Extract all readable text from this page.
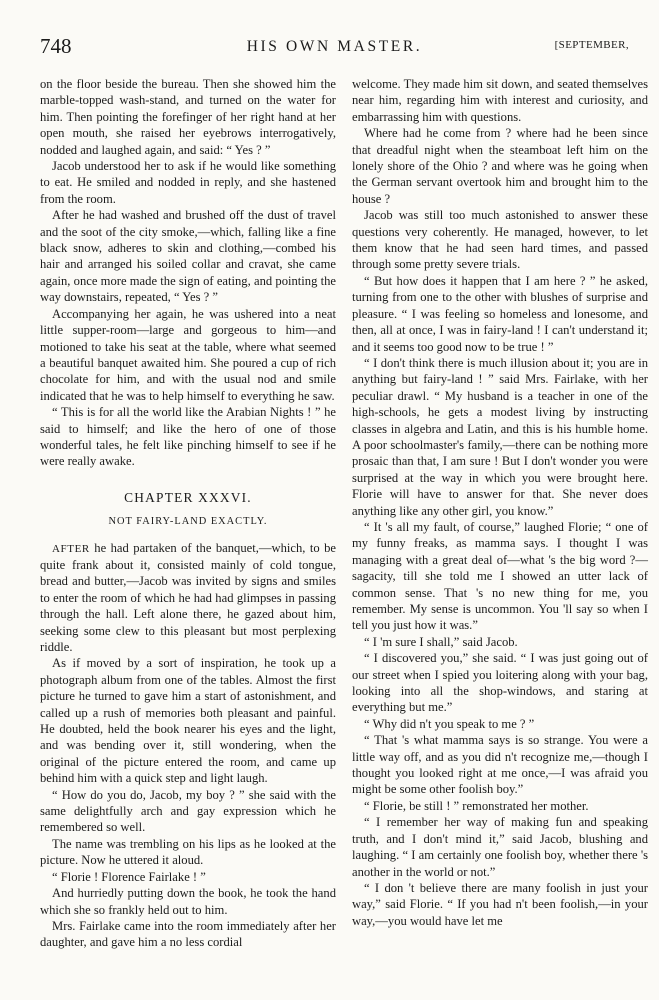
748	HIS OWN MASTER.	[SEPTEMBER,

on the floor beside the bureau. Then she showed him the marble-topped wash-stand, and turned on the water for him. Then pointing the forefinger of her right hand at her open mouth, she raised her eyebrows interrogatively, nodded and laughed again, and said: “ Yes ? ”

Jacob understood her to ask if he would like something to eat. He smiled and nodded in reply, and she hastened from the room.

After he had washed and brushed off the dust of travel and the soot of the city smoke,—which, falling like a fine black snow, adheres to skin and clothing,—combed his hair and arranged his soiled collar and cravat, she came again, once more made the sign of eating, and pointing the way downstairs, repeated, “ Yes ? ”

Accompanying her again, he was ushered into a neat little supper-room—large and gorgeous to him—and motioned to take his seat at the table, where what seemed a beautiful banquet awaited him. She poured a cup of rich chocolate for him, and with the usual nod and smile indicated that he was to help himself to everything he saw.

“ This is for all the world like the Arabian Nights ! ” he said to himself; and like the hero of one of those wonderful tales, he felt like pinching himself to see if he were really awake.

CHAPTER XXXVI.
NOT FAIRY-LAND EXACTLY.

AFTER he had partaken of the banquet,—which, to be quite frank about it, consisted mainly of cold tongue, bread and butter,—Jacob was invited by signs and smiles to enter the room of which he had had glimpses in passing through the hall. Left alone there, he gazed about him, seeking some clew to this pleasant but most perplexing riddle.

As if moved by a sort of inspiration, he took up a photograph album from one of the tables. Almost the first picture he turned to gave him a start of astonishment, and called up a rush of memories both pleasant and painful. He doubted, held the book nearer his eyes and the light, and was bending over it, still wondering, when the original of the picture entered the room, and came up behind him with a quick step and light laugh.

“ How do you do, Jacob, my boy ? ” she said with the same delightfully arch and gay expression which he remembered so well.

The name was trembling on his lips as he looked at the picture. Now he uttered it aloud.

“ Florie ! Florence Fairlake ! ”

And hurriedly putting down the book, he took the hand which she so frankly held out to him.

Mrs. Fairlake came into the room immediately after her daughter, and gave him a no less cordial

welcome. They made him sit down, and seated themselves near him, regarding him with interest and curiosity, and embarrassing him with questions.

Where had he come from ? where had he been since that dreadful night when the steamboat left him on the lonely shore of the Ohio ? and where was he going when the German servant overtook him and brought him to the house ?

Jacob was still too much astonished to answer these questions very coherently. He managed, however, to let them know that he had seen hard times, and passed through some pretty severe trials.

“ But how does it happen that I am here ? ” he asked, turning from one to the other with blushes of surprise and pleasure. “ I was feeling so homeless and lonesome, and then, all at once, I was in fairy-land ! I can't understand it; and it seems too good now to be true ! ”

“ I don't think there is much illusion about it; you are in anything but fairy-land ! ” said Mrs. Fairlake, with her peculiar drawl. “ My husband is a teacher in one of the high-schools, he gets a modest living by instructing classes in algebra and Latin, and this is his humble home. A poor schoolmaster's family,—there can be nothing more prosaic than that, I am sure ! But I don't wonder you were surprised at the way in which you were brought here. Florie will have to answer for that. She never does anything like any other girl, you know.”

“ It 's all my fault, of course,” laughed Florie; “ one of my funny freaks, as mamma says. I thought I was managing with a great deal of—what 's the big word ?—sagacity, till she told me I showed an utter lack of common sense. That 's no new thing for me, you remember. My sense is uncommon. You 'll say so when I tell you just how it was.”

“ I 'm sure I shall,” said Jacob.

“ I discovered you,” she said. “ I was just going out of our street when I spied you loitering along with your bag, looking into all the shop-windows, and staring at everything but me.”

“ Why did n't you speak to me ? ”

“ That 's what mamma says is so strange. You were a little way off, and as you did n't recognize me,—though I thought you looked right at me once,—I was afraid you might be some other foolish boy.”

“ Florie, be still ! ” remonstrated her mother.

“ I remember her way of making fun and speaking truth, and I don't mind it,” said Jacob, blushing and laughing. “ I am certainly one foolish boy, whether there 's another in the world or not.”

“ I don 't believe there are many foolish in just your way,” said Florie. “ If you had n't been foolish,—in your way,—you would have let me
